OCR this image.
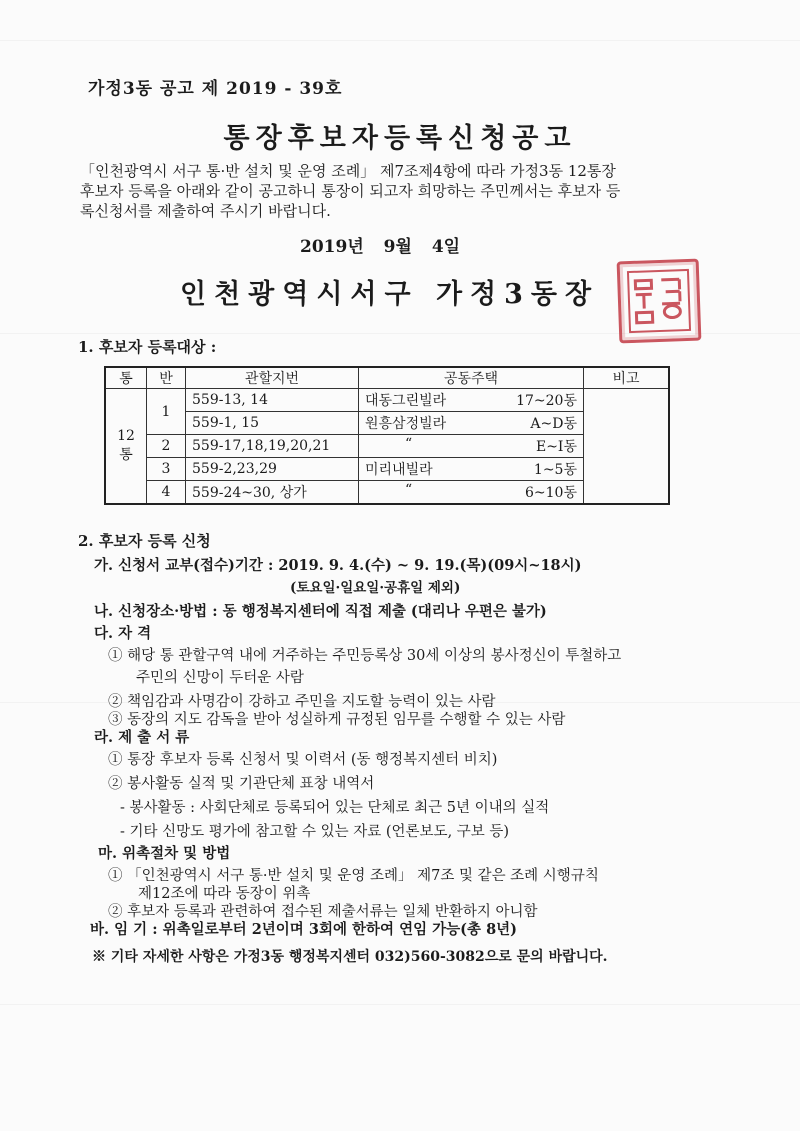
가정3동 공고 제 2019 - 39호
통장후보자등록신청공고
「인천광역시 서구 통·반 설치 및 운영 조례」 제7조제4항에 따라 가정3동 12통장
후보자 등록을 아래와 같이 공고하니 통장이 되고자 희망하는 주민께서는 후보자 등
록신청서를 제출하여 주시기 바랍니다.
2019년 9월 4일
인천광역시서구 가정3동장
1. 후보자 등록대상 :
통	반	관할지번	공동주택	비고
12통	1	559-13, 14	대동그린빌라 17~20동	

		559-1, 15	원흥삼정빌라 A~D동	

	2	559-17,18,19,20,21	“ E~I동	

	3	559-2,23,29	미리내빌라 1~5동	

	4	559-24~30, 상가	“ 6~10동	
2. 후보자 등록 신청
가. 신청서 교부(접수)기간 : 2019. 9. 4.(수) ~ 9. 19.(목)(09시~18시)
(토요일·일요일·공휴일 제외)
나. 신청장소·방법 : 동 행정복지센터에 직접 제출 (대리나 우편은 불가)
다. 자 격
① 해당 통 관할구역 내에 거주하는 주민등록상 30세 이상의 봉사정신이 투철하고
주민의 신망이 두터운 사람
② 책임감과 사명감이 강하고 주민을 지도할 능력이 있는 사람
③ 동장의 지도 감독을 받아 성실하게 규정된 임무를 수행할 수 있는 사람
라. 제 출 서 류
① 통장 후보자 등록 신청서 및 이력서 (동 행정복지센터 비치)
② 봉사활동 실적 및 기관단체 표창 내역서
- 봉사활동 : 사회단체로 등록되어 있는 단체로 최근 5년 이내의 실적
- 기타 신망도 평가에 참고할 수 있는 자료 (언론보도, 구보 등)
마. 위촉절차 및 방법
① 「인천광역시 서구 통·반 설치 및 운영 조례」 제7조 및 같은 조례 시행규칙
제12조에 따라 동장이 위촉
② 후보자 등록과 관련하여 접수된 제출서류는 일체 반환하지 아니함
바. 임 기 : 위촉일로부터 2년이며 3회에 한하여 연임 가능(총 8년)
※ 기타 자세한 사항은 가정3동 행정복지센터 032)560-3082으로 문의 바랍니다.
